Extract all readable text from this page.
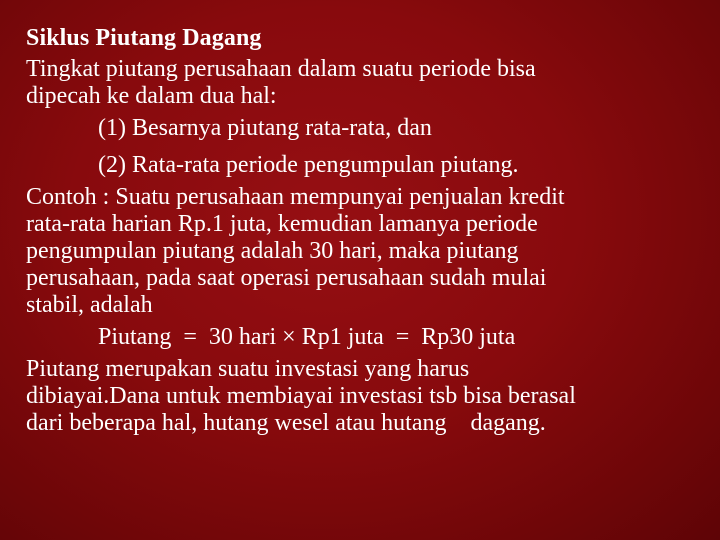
Siklus Piutang Dagang

Tingkat piutang perusahaan dalam suatu periode bisa

dipecah ke dalam dua hal:

(1) Besarnya piutang rata-rata, dan

(2) Rata-rata periode pengumpulan piutang.

Contoh : Suatu perusahaan mempunyai penjualan kredit

rata-rata harian Rp.1 juta, kemudian lamanya periode

pengumpulan piutang adalah 30 hari, maka piutang

perusahaan, pada saat operasi perusahaan sudah mulai

stabil, adalah

Piutang  =  30 hari × Rp1 juta  =  Rp30 juta

Piutang merupakan suatu investasi yang harus

dibiayai.Dana untuk membiayai investasi tsb bisa berasal

dari beberapa hal, hutang wesel atau hutang    dagang.
